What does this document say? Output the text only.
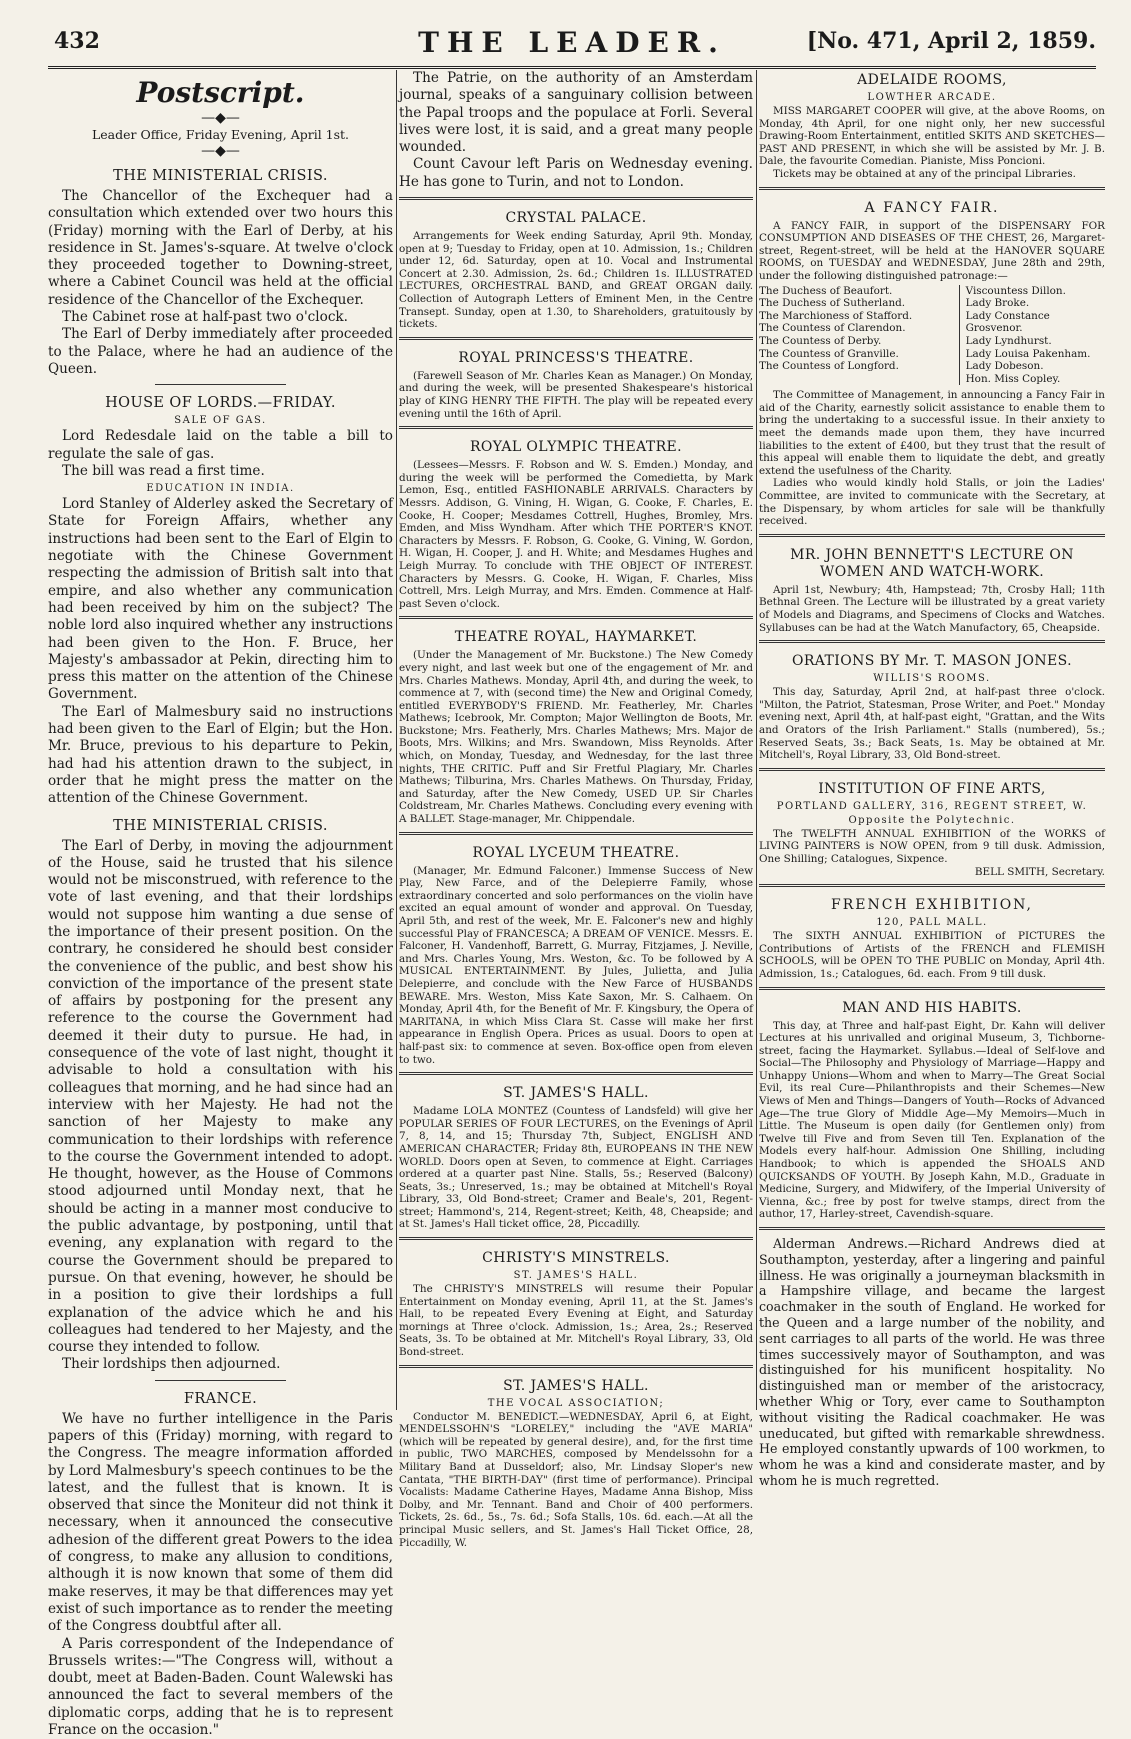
432	THE LEADER.	[No. 471, April 2, 1859.
Postscript.
—◆—
Leader Office, Friday Evening, April 1st.
—◆—
THE MINISTERIAL CRISIS.

The Chancellor of the Exchequer had a consultation which extended over two hours this (Friday) morning with the Earl of Derby, at his residence in St. James's-square. At twelve o'clock they proceeded together to Downing-street, where a Cabinet Council was held at the official residence of the Chancellor of the Exchequer.

The Cabinet rose at half-past two o'clock.

The Earl of Derby immediately after proceeded to the Palace, where he had an audience of the Queen.

HOUSE OF LORDS.—FRIDAY.
SALE OF GAS.

Lord Redesdale laid on the table a bill to regulate the sale of gas.

The bill was read a first time.

EDUCATION IN INDIA.

Lord Stanley of Alderley asked the Secretary of State for Foreign Affairs, whether any instructions had been sent to the Earl of Elgin to negotiate with the Chinese Government respecting the admission of British salt into that empire, and also whether any communication had been received by him on the subject? The noble lord also inquired whether any instructions had been given to the Hon. F. Bruce, her Majesty's ambassador at Pekin, directing him to press this matter on the attention of the Chinese Government.

The Earl of Malmesbury said no instructions had been given to the Earl of Elgin; but the Hon. Mr. Bruce, previous to his departure to Pekin, had had his attention drawn to the subject, in order that he might press the matter on the attention of the Chinese Government.

THE MINISTERIAL CRISIS.

The Earl of Derby, in moving the adjournment of the House, said he trusted that his silence would not be misconstrued, with reference to the vote of last evening, and that their lordships would not suppose him wanting a due sense of the importance of their present position. On the contrary, he considered he should best consider the convenience of the public, and best show his conviction of the importance of the present state of affairs by postponing for the present any reference to the course the Government had deemed it their duty to pursue. He had, in consequence of the vote of last night, thought it advisable to hold a consultation with his colleagues that morning, and he had since had an interview with her Majesty. He had not the sanction of her Majesty to make any communication to their lordships with reference to the course the Government intended to adopt. He thought, however, as the House of Commons stood adjourned until Monday next, that he should be acting in a manner most conducive to the public advantage, by postponing, until that evening, any explanation with regard to the course the Government should be prepared to pursue. On that evening, however, he should be in a position to give their lordships a full explanation of the advice which he and his colleagues had tendered to her Majesty, and the course they intended to follow.

Their lordships then adjourned.

FRANCE.

We have no further intelligence in the Paris papers of this (Friday) morning, with regard to the Congress. The meagre information afforded by Lord Malmesbury's speech continues to be the latest, and the fullest that is known. It is observed that since the Moniteur did not think it necessary, when it announced the consecutive adhesion of the different great Powers to the idea of congress, to make any allusion to conditions, although it is now known that some of them did make reserves, it may be that differences may yet exist of such importance as to render the meeting of the Congress doubtful after all.

A Paris correspondent of the Independance of Brussels writes:—"The Congress will, without a doubt, meet at Baden-Baden. Count Walewski has announced the fact to several members of the diplomatic corps, adding that he is to represent France on the occasion."

The Patrie, on the authority of an Amsterdam journal, speaks of a sanguinary collision between the Papal troops and the populace at Forli. Several lives were lost, it is said, and a great many people wounded.

Count Cavour left Paris on Wednesday evening. He has gone to Turin, and not to London.

CRYSTAL PALACE.

Arrangements for Week ending Saturday, April 9th. Monday, open at 9; Tuesday to Friday, open at 10. Admission, 1s.; Children under 12, 6d. Saturday, open at 10. Vocal and Instrumental Concert at 2.30. Admission, 2s. 6d.; Children 1s. ILLUSTRATED LECTURES, ORCHESTRAL BAND, and GREAT ORGAN daily. Collection of Autograph Letters of Eminent Men, in the Centre Transept. Sunday, open at 1.30, to Shareholders, gratuitously by tickets.

ROYAL PRINCESS'S THEATRE.

(Farewell Season of Mr. Charles Kean as Manager.) On Monday, and during the week, will be presented Shakespeare's historical play of KING HENRY THE FIFTH. The play will be repeated every evening until the 16th of April.

ROYAL OLYMPIC THEATRE.

(Lessees—Messrs. F. Robson and W. S. Emden.) Monday, and during the week will be performed the Comedietta, by Mark Lemon, Esq., entitled FASHIONABLE ARRIVALS. Characters by Messrs. Addison, G. Vining, H. Wigan, G. Cooke, F. Charles, E. Cooke, H. Cooper; Mesdames Cottrell, Hughes, Bromley, Mrs. Emden, and Miss Wyndham. After which THE PORTER'S KNOT. Characters by Messrs. F. Robson, G. Cooke, G. Vining, W. Gordon, H. Wigan, H. Cooper, J. and H. White; and Mesdames Hughes and Leigh Murray. To conclude with THE OBJECT OF INTEREST. Characters by Messrs. G. Cooke, H. Wigan, F. Charles, Miss Cottrell, Mrs. Leigh Murray, and Mrs. Emden. Commence at Half-past Seven o'clock.

THEATRE ROYAL, HAYMARKET.

(Under the Management of Mr. Buckstone.) The New Comedy every night, and last week but one of the engagement of Mr. and Mrs. Charles Mathews. Monday, April 4th, and during the week, to commence at 7, with (second time) the New and Original Comedy, entitled EVERYBODY'S FRIEND. Mr. Featherley, Mr. Charles Mathews; Icebrook, Mr. Compton; Major Wellington de Boots, Mr. Buckstone; Mrs. Featherly, Mrs. Charles Mathews; Mrs. Major de Boots, Mrs. Wilkins; and Mrs. Swandown, Miss Reynolds. After which, on Monday, Tuesday, and Wednesday, for the last three nights, THE CRITIC. Puff and Sir Fretful Plagiary, Mr. Charles Mathews; Tilburina, Mrs. Charles Mathews. On Thursday, Friday, and Saturday, after the New Comedy, USED UP. Sir Charles Coldstream, Mr. Charles Mathews. Concluding every evening with A BALLET. Stage-manager, Mr. Chippendale.

ROYAL LYCEUM THEATRE.

(Manager, Mr. Edmund Falconer.) Immense Success of New Play, New Farce, and of the Delepierre Family, whose extraordinary concerted and solo performances on the violin have excited an equal amount of wonder and approval. On Tuesday, April 5th, and rest of the week, Mr. E. Falconer's new and highly successful Play of FRANCESCA; A DREAM OF VENICE. Messrs. E. Falconer, H. Vandenhoff, Barrett, G. Murray, Fitzjames, J. Neville, and Mrs. Charles Young, Mrs. Weston, &c. To be followed by A MUSICAL ENTERTAINMENT. By Jules, Julietta, and Julia Delepierre, and conclude with the New Farce of HUSBANDS BEWARE. Mrs. Weston, Miss Kate Saxon, Mr. S. Calhaem. On Monday, April 4th, for the Benefit of Mr. F. Kingsbury, the Opera of MARITANA, in which Miss Clara St. Casse will make her first appearance in English Opera. Prices as usual. Doors to open at half-past six: to commence at seven. Box-office open from eleven to two.

ST. JAMES'S HALL.

Madame LOLA MONTEZ (Countess of Landsfeld) will give her POPULAR SERIES OF FOUR LECTURES, on the Evenings of April 7, 8, 14, and 15; Thursday 7th, Subject, ENGLISH AND AMERICAN CHARACTER; Friday 8th, EUROPEANS IN THE NEW WORLD. Doors open at Seven, to commence at Eight. Carriages ordered at a quarter past Nine. Stalls, 5s.; Reserved (Balcony) Seats, 3s.; Unreserved, 1s.; may be obtained at Mitchell's Royal Library, 33, Old Bond-street; Cramer and Beale's, 201, Regent-street; Hammond's, 214, Regent-street; Keith, 48, Cheapside; and at St. James's Hall ticket office, 28, Piccadilly.

CHRISTY'S MINSTRELS.
ST. JAMES'S HALL.

The CHRISTY'S MINSTRELS will resume their Popular Entertainment on Monday evening, April 11, at the St. James's Hall, to be repeated Every Evening at Eight, and Saturday mornings at Three o'clock. Admission, 1s.; Area, 2s.; Reserved Seats, 3s. To be obtained at Mr. Mitchell's Royal Library, 33, Old Bond-street.

ST. JAMES'S HALL.
THE VOCAL ASSOCIATION;

Conductor M. BENEDICT.—WEDNESDAY, April 6, at Eight, MENDELSSOHN'S "LORELEY," including the "AVE MARIA" (which will be repeated by general desire), and, for the first time in public, TWO MARCHES, composed by Mendelssohn for a Military Band at Dusseldorf; also, Mr. Lindsay Sloper's new Cantata, "THE BIRTH-DAY" (first time of performance). Principal Vocalists: Madame Catherine Hayes, Madame Anna Bishop, Miss Dolby, and Mr. Tennant. Band and Choir of 400 performers. Tickets, 2s. 6d., 5s., 7s. 6d.; Sofa Stalls, 10s. 6d. each.—At all the principal Music sellers, and St. James's Hall Ticket Office, 28, Piccadilly, W.

ADELAIDE ROOMS,
LOWTHER ARCADE.

MISS MARGARET COOPER will give, at the above Rooms, on Monday, 4th April, for one night only, her new successful Drawing-Room Entertainment, entitled SKITS AND SKETCHES—PAST AND PRESENT, in which she will be assisted by Mr. J. B. Dale, the favourite Comedian. Pianiste, Miss Poncioni.

Tickets may be obtained at any of the principal Libraries.

A FANCY FAIR.

A FANCY FAIR, in support of the DISPENSARY FOR CONSUMPTION AND DISEASES OF THE CHEST, 26, Margaret-street, Regent-street, will be held at the HANOVER SQUARE ROOMS, on TUESDAY and WEDNESDAY, June 28th and 29th, under the following distinguished patronage:—

The Duchess of Beaufort.
The Duchess of Sutherland.
The Marchioness of Stafford.
The Countess of Clarendon.
The Countess of Derby.
The Countess of Granville.
The Countess of Longford.
Viscountess Dillon.
Lady Broke.
Lady Constance Grosvenor.
Lady Lyndhurst.
Lady Louisa Pakenham.
Lady Dobeson.
Hon. Miss Copley.

The Committee of Management, in announcing a Fancy Fair in aid of the Charity, earnestly solicit assistance to enable them to bring the undertaking to a successful issue. In their anxiety to meet the demands made upon them, they have incurred liabilities to the extent of £400, but they trust that the result of this appeal will enable them to liquidate the debt, and greatly extend the usefulness of the Charity.

Ladies who would kindly hold Stalls, or join the Ladies' Committee, are invited to communicate with the Secretary, at the Dispensary, by whom articles for sale will be thankfully received.

MR. JOHN BENNETT'S LECTURE ON WOMEN AND WATCH-WORK.

April 1st, Newbury; 4th, Hampstead; 7th, Crosby Hall; 11th Bethnal Green. The Lecture will be illustrated by a great variety of Models and Diagrams, and Specimens of Clocks and Watches. Syllabuses can be had at the Watch Manufactory, 65, Cheapside.

ORATIONS BY Mr. T. MASON JONES.
WILLIS'S ROOMS.

This day, Saturday, April 2nd, at half-past three o'clock. "Milton, the Patriot, Statesman, Prose Writer, and Poet." Monday evening next, April 4th, at half-past eight, "Grattan, and the Wits and Orators of the Irish Parliament." Stalls (numbered), 5s.; Reserved Seats, 3s.; Back Seats, 1s. May be obtained at Mr. Mitchell's, Royal Library, 33, Old Bond-street.

INSTITUTION OF FINE ARTS,
PORTLAND GALLERY, 316, REGENT STREET, W.
Opposite the Polytechnic.

The TWELFTH ANNUAL EXHIBITION of the WORKS of LIVING PAINTERS is NOW OPEN, from 9 till dusk. Admission, One Shilling; Catalogues, Sixpence.

BELL SMITH, Secretary.

FRENCH EXHIBITION,
120, PALL MALL.

The SIXTH ANNUAL EXHIBITION of PICTURES the Contributions of Artists of the FRENCH and FLEMISH SCHOOLS, will be OPEN TO THE PUBLIC on Monday, April 4th. Admission, 1s.; Catalogues, 6d. each. From 9 till dusk.

MAN AND HIS HABITS.

This day, at Three and half-past Eight, Dr. Kahn will deliver Lectures at his unrivalled and original Museum, 3, Tichborne-street, facing the Haymarket. Syllabus.—Ideal of Self-love and Social—The Philosophy and Physiology of Marriage—Happy and Unhappy Unions—Whom and when to Marry—The Great Social Evil, its real Cure—Philanthropists and their Schemes—New Views of Men and Things—Dangers of Youth—Rocks of Advanced Age—The true Glory of Middle Age—My Memoirs—Much in Little. The Museum is open daily (for Gentlemen only) from Twelve till Five and from Seven till Ten. Explanation of the Models every half-hour. Admission One Shilling, including Handbook; to which is appended the SHOALS AND QUICKSANDS OF YOUTH. By Joseph Kahn, M.D., Graduate in Medicine, Surgery, and Midwifery, of the Imperial University of Vienna, &c.; free by post for twelve stamps, direct from the author, 17, Harley-street, Cavendish-square.

Alderman Andrews.—Richard Andrews died at Southampton, yesterday, after a lingering and painful illness. He was originally a journeyman blacksmith in a Hampshire village, and became the largest coachmaker in the south of England. He worked for the Queen and a large number of the nobility, and sent carriages to all parts of the world. He was three times successively mayor of Southampton, and was distinguished for his munificent hospitality. No distinguished man or member of the aristocracy, whether Whig or Tory, ever came to Southampton without visiting the Radical coachmaker. He was uneducated, but gifted with remarkable shrewdness. He employed constantly upwards of 100 workmen, to whom he was a kind and considerate master, and by whom he is much regretted.
